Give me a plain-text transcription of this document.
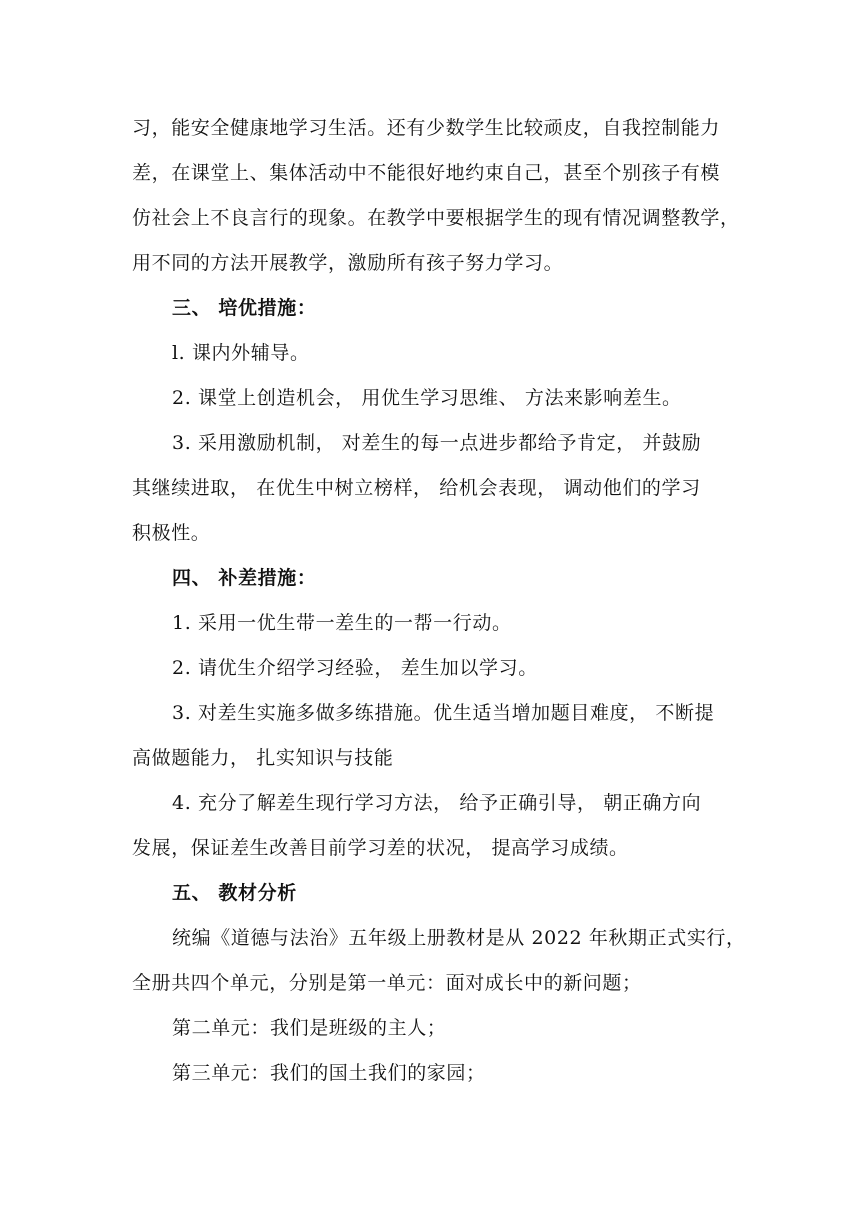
习，能安全健康地学习生活。还有少数学生比较顽皮，自我控制能力
差，在课堂上、集体活动中不能很好地约束自己，甚至个别孩子有模
仿社会上不良言行的现象。在教学中要根据学生的现有情况调整教学，
用不同的方法开展教学，激励所有孩子努力学习。
三、 培优措施：
l. 课内外辅导。
2. 课堂上创造机会， 用优生学习思维、 方法来影响差生。
3. 采用激励机制， 对差生的每一点进步都给予肯定， 并鼓励
其继续进取， 在优生中树立榜样， 给机会表现， 调动他们的学习
积极性。
四、 补差措施：
1. 采用一优生带一差生的一帮一行动。
2. 请优生介绍学习经验， 差生加以学习。
3. 对差生实施多做多练措施。优生适当增加题目难度， 不断提
高做题能力， 扎实知识与技能
4. 充分了解差生现行学习方法， 给予正确引导， 朝正确方向
发展，保证差生改善目前学习差的状况， 提高学习成绩。
五、 教材分析
统编《道德与法治》五年级上册教材是从 2022 年秋期正式实行，
全册共四个单元，分别是第一单元：面对成长中的新问题；
第二单元：我们是班级的主人；
第三单元：我们的国土我们的家园；
